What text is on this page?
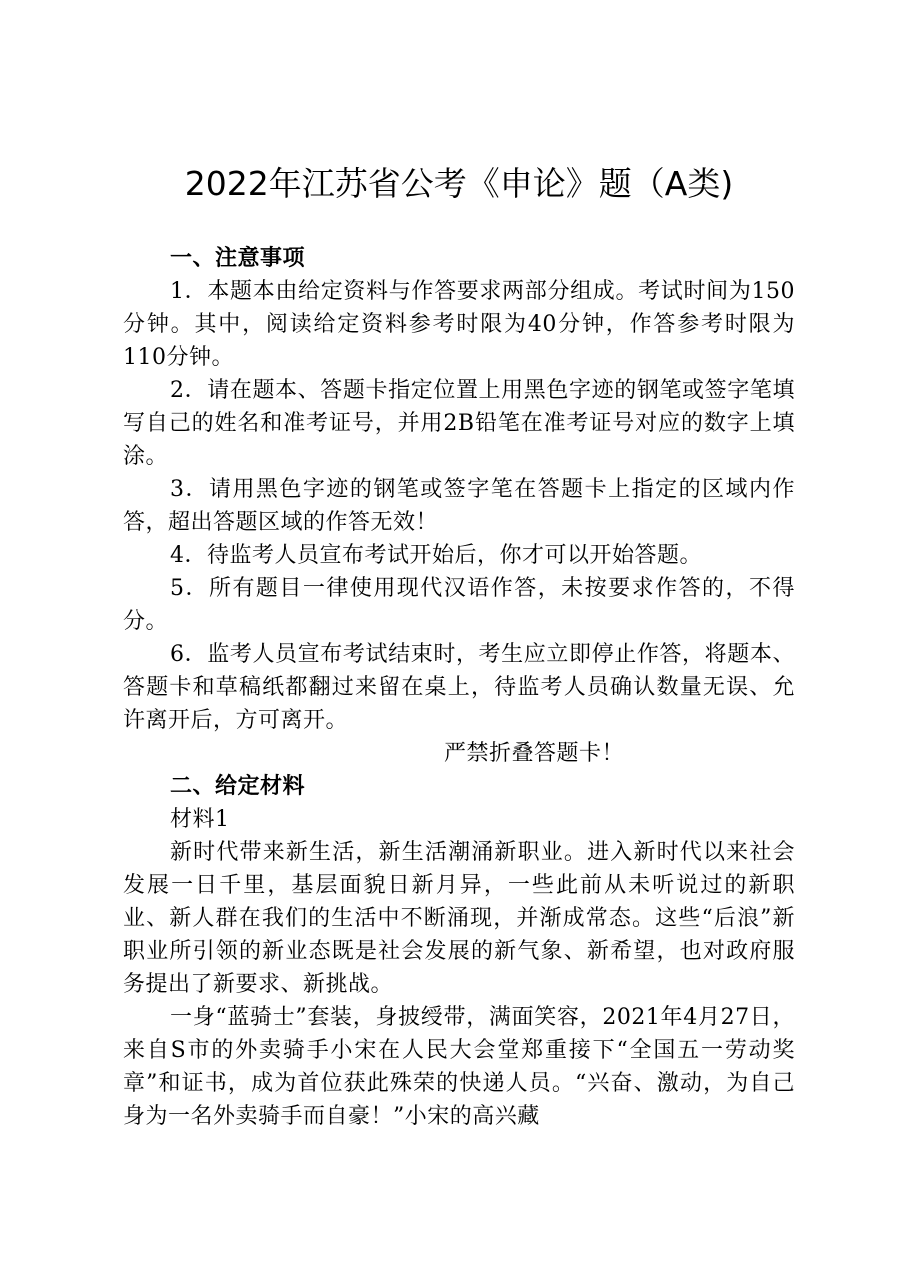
2022年江苏省公考《申论》题（A类)

一、注意事项

1．本题本由给定资料与作答要求两部分组成。考试时间为150分钟。其中，阅读给定资料参考时限为40分钟，作答参考时限为110分钟。

2．请在题本、答题卡指定位置上用黑色字迹的钢笔或签字笔填写自己的姓名和准考证号，并用2B铅笔在准考证号对应的数字上填涂。

3．请用黑色字迹的钢笔或签字笔在答题卡上指定的区域内作答，超出答题区域的作答无效！

4．待监考人员宣布考试开始后，你才可以开始答题。

5．所有题目一律使用现代汉语作答，未按要求作答的，不得分。

6．监考人员宣布考试结束时，考生应立即停止作答，将题本、答题卡和草稿纸都翻过来留在桌上，待监考人员确认数量无误、允许离开后，方可离开。

严禁折叠答题卡！

二、给定材料

材料1

新时代带来新生活，新生活潮涌新职业。进入新时代以来社会发展一日千里，基层面貌日新月异，一些此前从未听说过的新职业、新人群在我们的生活中不断涌现，并渐成常态。这些“后浪”新职业所引领的新业态既是社会发展的新气象、新希望，也对政府服务提出了新要求、新挑战。

一身“蓝骑士”套装，身披绶带，满面笑容，2021年4月27日，来自S市的外卖骑手小宋在人民大会堂郑重接下“全国五一劳动奖章”和证书，成为首位获此殊荣的快递人员。“兴奋、激动，为自己身为一名外卖骑手而自豪！”小宋的高兴藏
